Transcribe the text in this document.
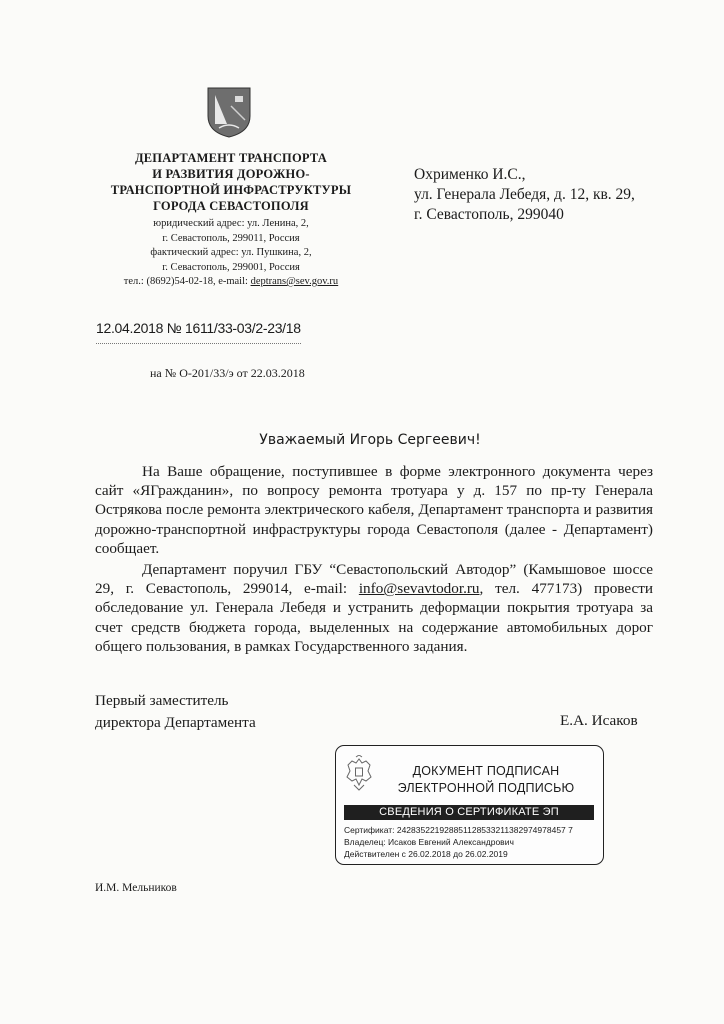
ДЕПАРТАМЕНТ ТРАНСПОРТА
И РАЗВИТИЯ ДОРОЖНО-
ТРАНСПОРТНОЙ ИНФРАСТРУКТУРЫ
ГОРОДА СЕВАСТОПОЛЯ
юридический адрес: ул. Ленина, 2,
г. Севастополь, 299011, Россия
фактический адрес: ул. Пушкина, 2,
г. Севастополь, 299001, Россия
тел.: (8692)54-02-18, e-mail: deptrans@sev.gov.ru
Охрименко И.С.,
ул. Генерала Лебедя, д. 12, кв. 29,
г. Севастополь, 299040
12.04.2018 № 1611/33-03/2-23/18
на № О-201/33/э от 22.03.2018
Уважаемый Игорь Сергеевич!
На Ваше обращение, поступившее в форме электронного документа через сайт «ЯГражданин», по вопросу ремонта тротуара у д. 157 по пр-ту Генерала Острякова после ремонта электрического кабеля, Департамент транспорта и развития дорожно-транспортной инфраструктуры города Севастополя (далее - Департамент) сообщает.
Департамент поручил ГБУ “Севастопольский Автодор” (Камышовое шоссе 29, г. Севастополь, 299014, e-mail: info@sevavtodor.ru, тел. 477173) провести обследование ул. Генерала Лебедя и устранить деформации покрытия тротуара за счет средств бюджета города, выделенных на содержание автомобильных дорог общего пользования, в рамках Государственного задания.
Первый заместитель
директора Департамента	Е.А. Исаков
ДОКУМЕНТ ПОДПИСАН
ЭЛЕКТРОННОЙ ПОДПИСЬЮ
СВЕДЕНИЯ О СЕРТИФИКАТЕ ЭП
Сертификат: 242835221928851128533211382974978457 7
Владелец: Исаков Евгений Александрович
Действителен с 26.02.2018 до 26.02.2019
И.М. Мельников
